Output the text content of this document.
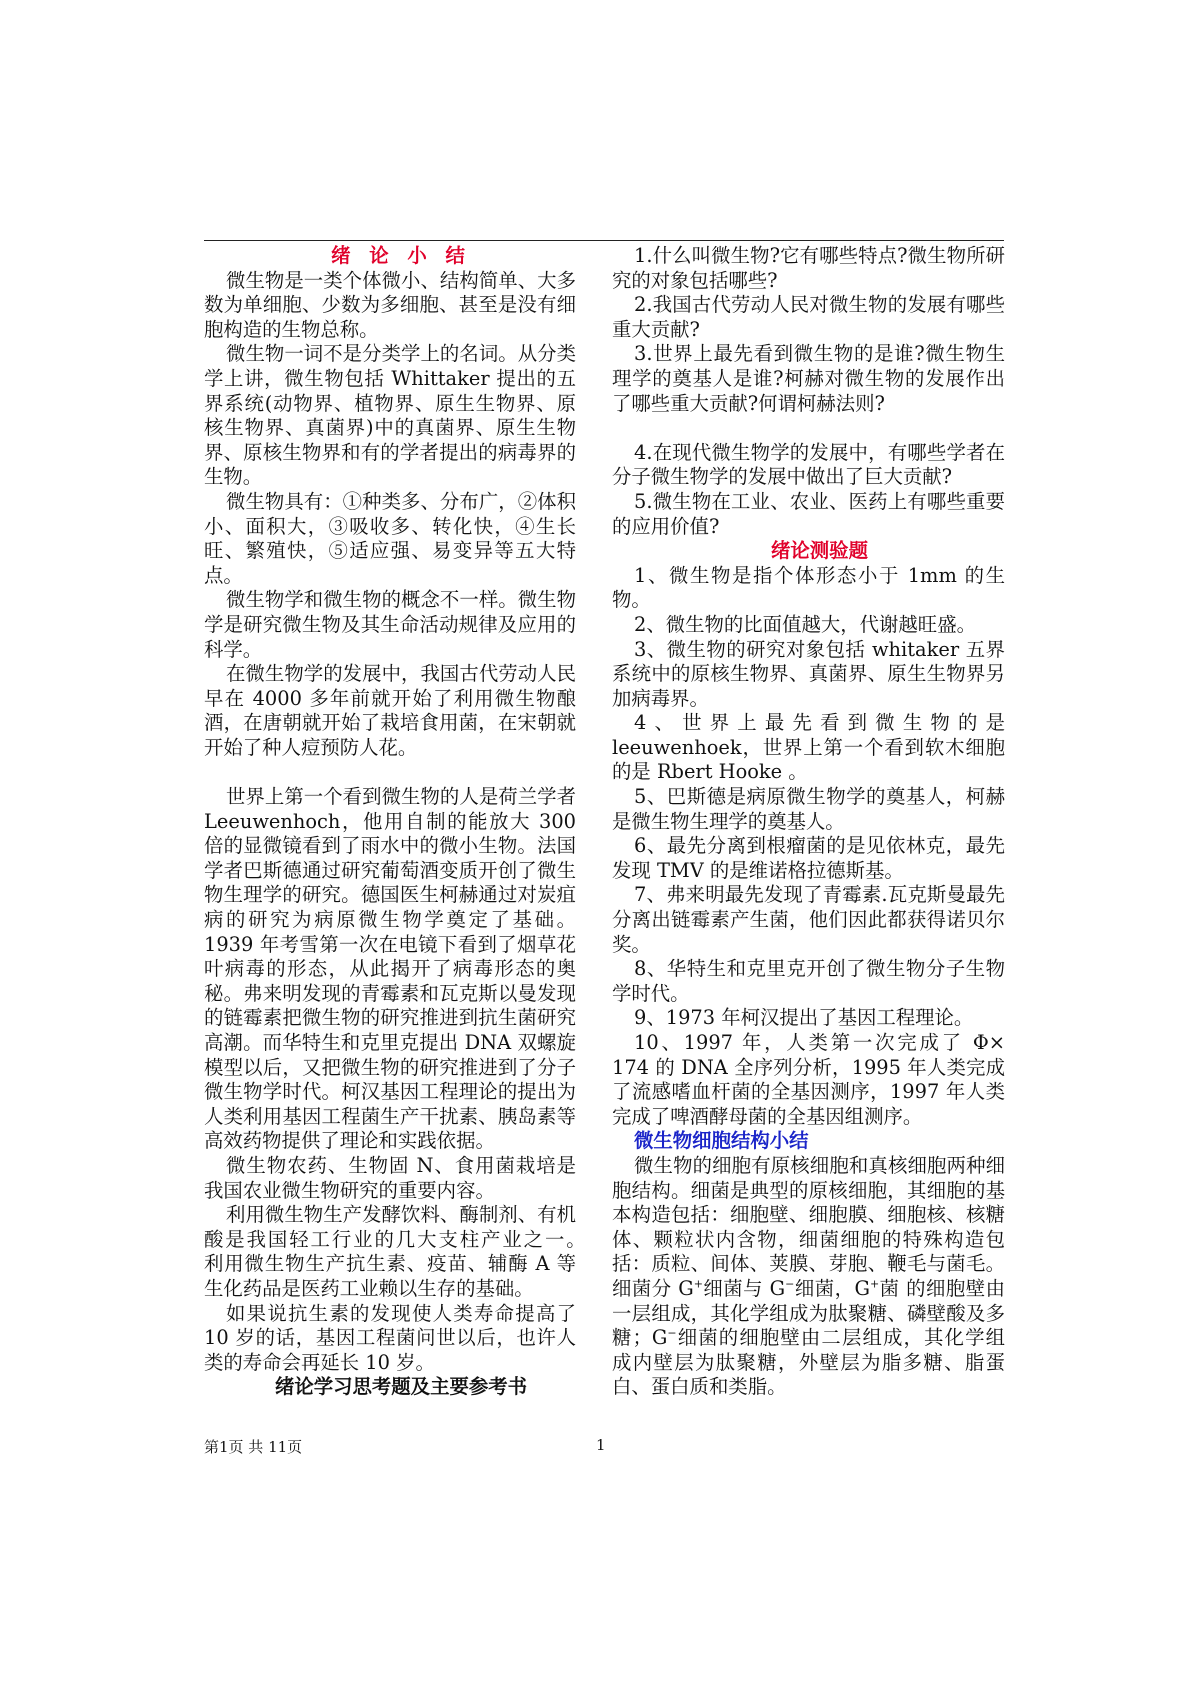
绪 论 小 结

微生物是一类个体微小、结构简单、大多数为单细胞、少数为多细胞、甚至是没有细胞构造的生物总称。

微生物一词不是分类学上的名词。从分类学上讲，微生物包括 Whittaker 提出的五界系统(动物界、植物界、原生生物界、原核生物界、真菌界)中的真菌界、原生生物界、原核生物界和有的学者提出的病毒界的生物。

微生物具有：①种类多、分布广，②体积小、面积大，③吸收多、转化快，④生长旺、繁殖快，⑤适应强、易变异等五大特点。

微生物学和微生物的概念不一样。微生物学是研究微生物及其生命活动规律及应用的科学。

在微生物学的发展中，我国古代劳动人民早在 4000 多年前就开始了利用微生物酿酒，在唐朝就开始了栽培食用菌，在宋朝就开始了种人痘预防人花。

世界上第一个看到微生物的人是荷兰学者 Leeuwenhoch，他用自制的能放大 300 倍的显微镜看到了雨水中的微小生物。法国学者巴斯德通过研究葡萄酒变质开创了微生物生理学的研究。德国医生柯赫通过对炭疽病的研究为病原微生物学奠定了基础。1939 年考雪第一次在电镜下看到了烟草花叶病毒的形态，从此揭开了病毒形态的奥秘。弗来明发现的青霉素和瓦克斯以曼发现的链霉素把微生物的研究推进到抗生菌研究高潮。而华特生和克里克提出 DNA 双螺旋模型以后，又把微生物的研究推进到了分子微生物学时代。柯汉基因工程理论的提出为人类利用基因工程菌生产干扰素、胰岛素等高效药物提供了理论和实践依据。

微生物农药、生物固 N、食用菌栽培是我国农业微生物研究的重要内容。

利用微生物生产发酵饮料、酶制剂、有机酸是我国轻工行业的几大支柱产业之一。　　利用微生物生产抗生素、疫苗、辅酶 A 等生化药品是医药工业赖以生存的基础。

如果说抗生素的发现使人类寿命提高了 10 岁的话，基因工程菌问世以后，也许人类的寿命会再延长 10 岁。

绪论学习思考题及主要参考书

1.什么叫微生物?它有哪些特点?微生物所研究的对象包括哪些?

2.我国古代劳动人民对微生物的发展有哪些重大贡献?

3.世界上最先看到微生物的是谁?微生物生理学的奠基人是谁?柯赫对微生物的发展作出了哪些重大贡献?何谓柯赫法则?

4.在现代微生物学的发展中，有哪些学者在分子微生物学的发展中做出了巨大贡献?

5.微生物在工业、农业、医药上有哪些重要的应用价值?

绪论测验题

1、微生物是指个体形态小于 1mm 的生物。

2、微生物的比面值越大，代谢越旺盛。

3、微生物的研究对象包括 whitaker 五界系统中的原核生物界、真菌界、原生生物界另加病毒界。

4、世界上最先看到微生物的是 leeuwenhoek，世界上第一个看到软木细胞的是 Rbert Hooke 。

5、巴斯德是病原微生物学的奠基人，柯赫是微生物生理学的奠基人。

6、最先分离到根瘤菌的是见依林克，最先发现 TMV 的是维诺格拉德斯基。

7、弗来明最先发现了青霉素.瓦克斯曼最先分离出链霉素产生菌，他们因此都获得诺贝尔奖。

8、华特生和克里克开创了微生物分子生物学时代。

9、1973 年柯汉提出了基因工程理论。

10、1997 年，人类第一次完成了 Φ× 174 的 DNA 全序列分析，1995 年人类完成了流感嗜血杆菌的全基因测序，1997 年人类完成了啤酒酵母菌的全基因组测序。

微生物细胞结构小结

微生物的细胞有原核细胞和真核细胞两种细胞结构。细菌是典型的原核细胞，其细胞的基本构造包括：细胞壁、细胞膜、细胞核、核糖体、颗粒状内含物，细菌细胞的特殊构造包括：质粒、间体、荚膜、芽胞、鞭毛与菌毛。细菌分 G+细菌与 G−细菌，G+菌 的细胞壁由一层组成，其化学组成为肽聚糖、磷壁酸及多糖；G−细菌的细胞壁由二层组成，其化学组成内壁层为肽聚糖，外壁层为脂多糖、脂蛋白、蛋白质和类脂。

第1页 共 11页	1
